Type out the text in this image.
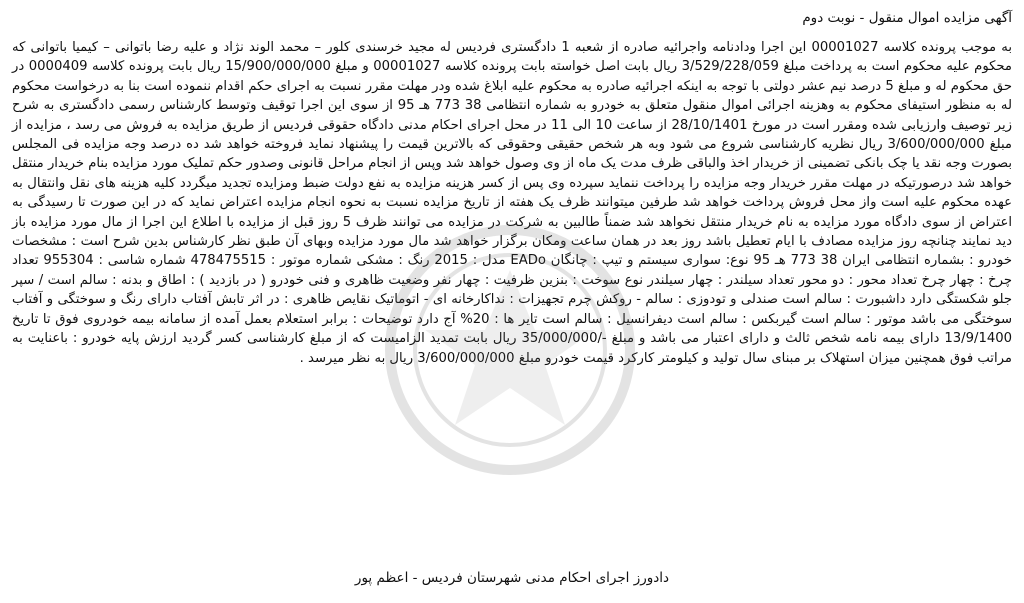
آگهی مزایده اموال منقول - نوبت دوم

به موجب پرونده کلاسه 00001027 این اجرا ودادنامه واجرائیه صادره از شعبه 1 دادگستری فردیس له مجید خرسندی کلور – محمد الوند نژاد و علیه رضا باتوانی – کیمیا باتوانی که محکوم علیه محکوم است به پرداخت مبلغ 3/529/228/059 ریال بابت اصل خواسته بابت پرونده کلاسه 00001027 و مبلغ 15/900/000/000 ریال بابت پرونده کلاسه 0000409 در حق محکوم له و مبلغ 5 درصد نیم عشر دولتی با توجه به اینکه اجرائیه صادره به محکوم علیه ابلاغ شده ودر مهلت مقرر نسبت به اجرای حکم اقدام ننموده است بنا به درخواست محکوم له به منظور استیفای محکوم به وهزینه اجرائی اموال منقول متعلق به خودرو به شماره انتظامی 38 773 هـ 95 از سوی این اجرا توقیف وتوسط کارشناس رسمی دادگستری به شرح زیر توصیف وارزیابی شده ومقرر است در مورخ 28/10/1401 از ساعت 10 الی 11 در محل اجرای احکام مدنی دادگاه حقوقی فردیس از طریق مزایده به فروش می رسد ، مزایده از مبلغ 3/600/000/000 ریال نظریه کارشناسی شروع می شود وبه هر شخص حقیقی وحقوقی که بالاترین قیمت را پیشنهاد نماید فروخته خواهد شد ده درصد وجه مزایده فی المجلس بصورت وجه نقد یا چک بانکی تضمینی از خریدار اخذ والباقی ظرف مدت یک ماه از وی وصول خواهد شد وپس از انجام مراحل قانونی وصدور حکم تملیک مورد مزایده بنام خریدار منتقل خواهد شد درصورتیکه در مهلت مقرر خریدار وجه مزایده را پرداخت ننماید سپرده وی پس از کسر هزینه مزایده به نفع دولت ضبط ومزایده تجدید میگردد کلیه هزینه های نقل وانتقال به عهده محکوم علیه است واز محل فروش پرداخت خواهد شد طرفین میتوانند ظرف یک هفته از تاریخ مزایده نسبت به نحوه انجام مزایده اعتراض نماید که در این صورت تا رسیدگی به اعتراض از سوی دادگاه مورد مزایده به نام خریدار منتقل نخواهد شد ضمناً طالبین به شرکت در مزایده می توانند ظرف 5 روز قبل از مزایده با اطلاع این اجرا از مال مورد مزایده باز دید نمایند چنانچه روز مزایده مصادف با ایام تعطیل باشد روز بعد در همان ساعت ومکان برگزار خواهد شد مال مورد مزایده وبهای آن طبق نظر کارشناس بدین شرح است : مشخصات خودرو : بشماره انتظامی ایران 38 773 هـ 95 نوع: سواری سیستم و تیپ : چانگان EADo مدل : 2015 رنگ : مشکی شماره موتور : 478475515 شماره شاسی : 955304 تعداد چرخ : چهار چرخ تعداد محور : دو محور تعداد سیلندر : چهار سیلندر نوع سوخت : بنزین ظرفیت : چهار نفر وضعیت ظاهری و فنی خودرو ( در بازدید ) : اطاق و بدنه : سالم است / سپر جلو شکستگی دارد داشبورت : سالم است صندلی و تودوزی : سالم - روکش چرم تجهیزات : نداکارخانه ای - اتوماتیک نقایص ظاهری : در اثر تابش آفتاب دارای رنگ و سوختگی و آفتاب سوختگی می باشد موتور : سالم است گیربکس : سالم است دیفرانسیل : سالم است تایر ها : 20% آج دارد توضیحات : برابر استعلام بعمل آمده از سامانه بیمه خودروی فوق تا تاریخ 13/9/1400 دارای بیمه نامه شخص ثالث و دارای اعتبار می باشد و مبلغ -/35/000/000 ریال بابت تمدید الزامیست که از مبلغ کارشناسی کسر گردید ارزش پایه خودرو : باعنایت به مراتب فوق همچنین میزان استهلاک بر مبنای سال تولید و کیلومتر کارکرد قیمت خودرو مبلغ 3/600/000/000 ریال به نظر میرسد .

دادورز اجرای احکام مدنی شهرستان فردیس - اعظم پور
